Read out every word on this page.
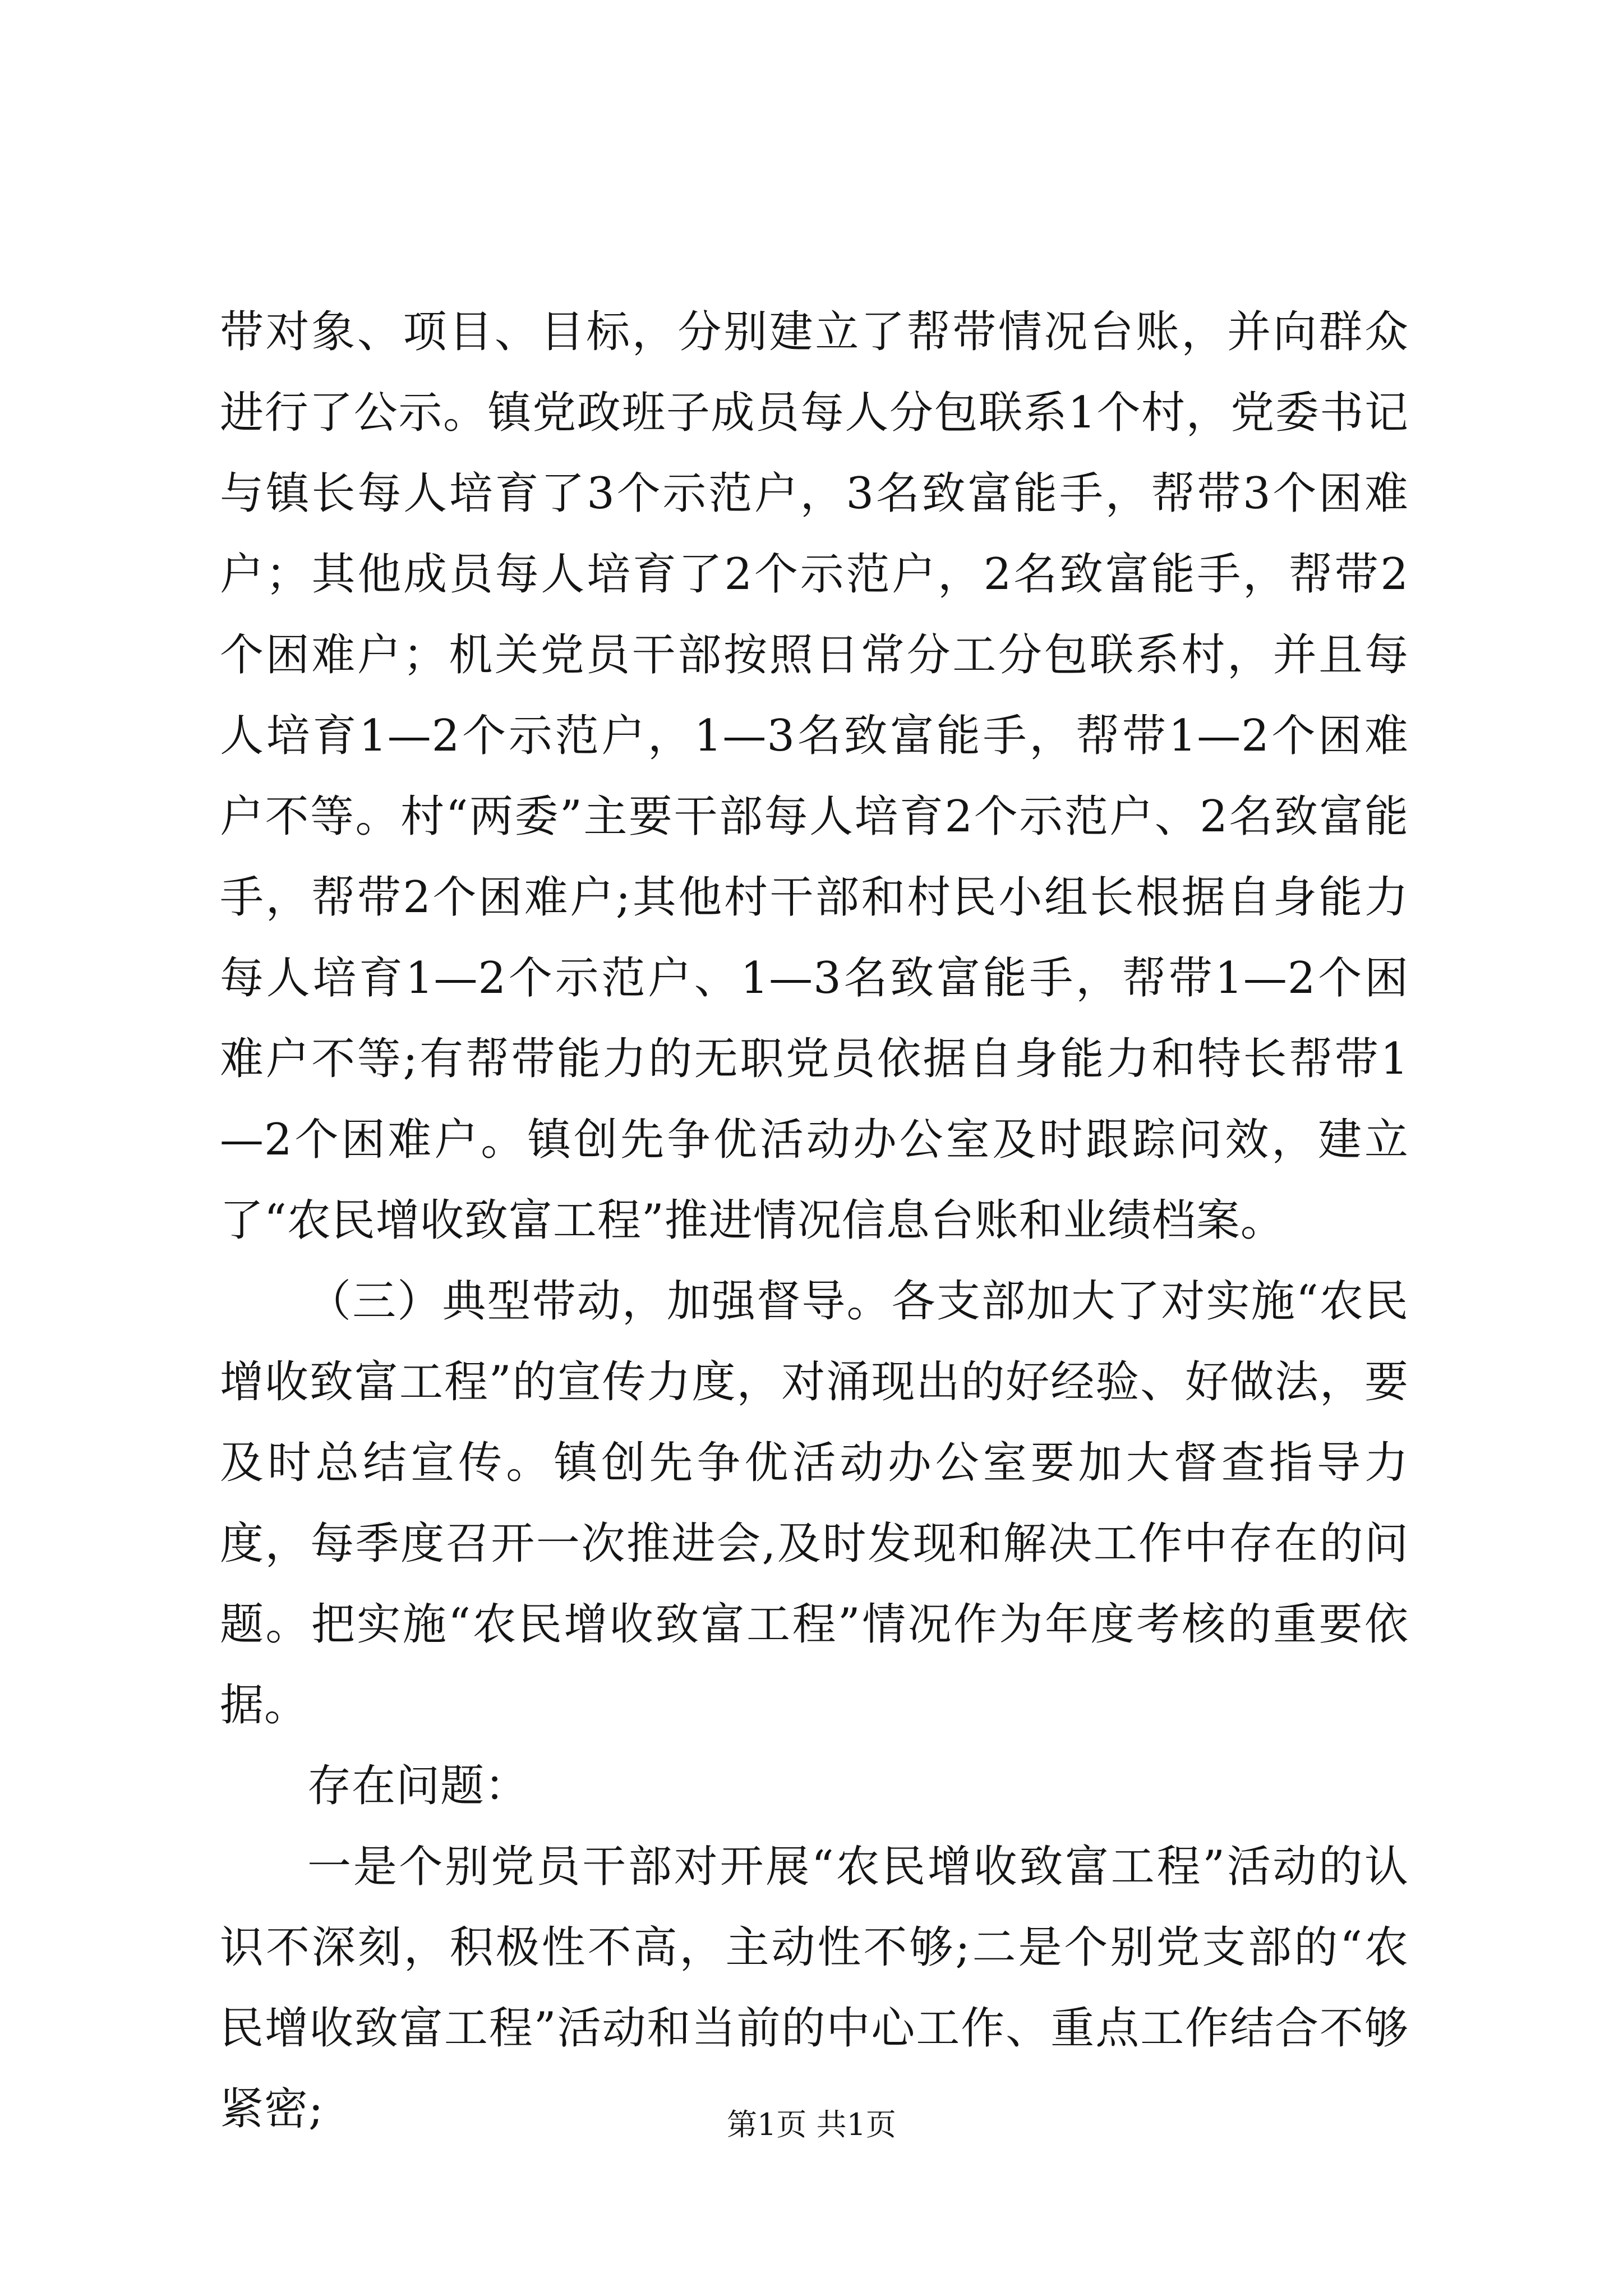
带对象、项目、目标，分别建立了帮带情况台账，并向群众进行了公示。镇党政班子成员每人分包联系1个村，党委书记与镇长每人培育了3个示范户，3名致富能手，帮带3个困难户；其他成员每人培育了2个示范户，2名致富能手，帮带2个困难户；机关党员干部按照日常分工分包联系村，并且每人培育1—2个示范户，1—3名致富能手，帮带1—2个困难户不等。村“两委”主要干部每人培育2个示范户、2名致富能手，帮带2个困难户;其他村干部和村民小组长根据自身能力每人培育1—2个示范户、1—3名致富能手，帮带1—2个困难户不等;有帮带能力的无职党员依据自身能力和特长帮带1—2个困难户。镇创先争优活动办公室及时跟踪问效，建立了“农民增收致富工程”推进情况信息台账和业绩档案。

（三）典型带动，加强督导。各支部加大了对实施“农民增收致富工程”的宣传力度，对涌现出的好经验、好做法，要及时总结宣传。镇创先争优活动办公室要加大督查指导力度，每季度召开一次推进会,及时发现和解决工作中存在的问题。把实施“农民增收致富工程”情况作为年度考核的重要依据。

存在问题：

一是个别党员干部对开展“农民增收致富工程”活动的认识不深刻，积极性不高，主动性不够;二是个别党支部的“农民增收致富工程”活动和当前的中心工作、重点工作结合不够紧密;	第1页 共1页
